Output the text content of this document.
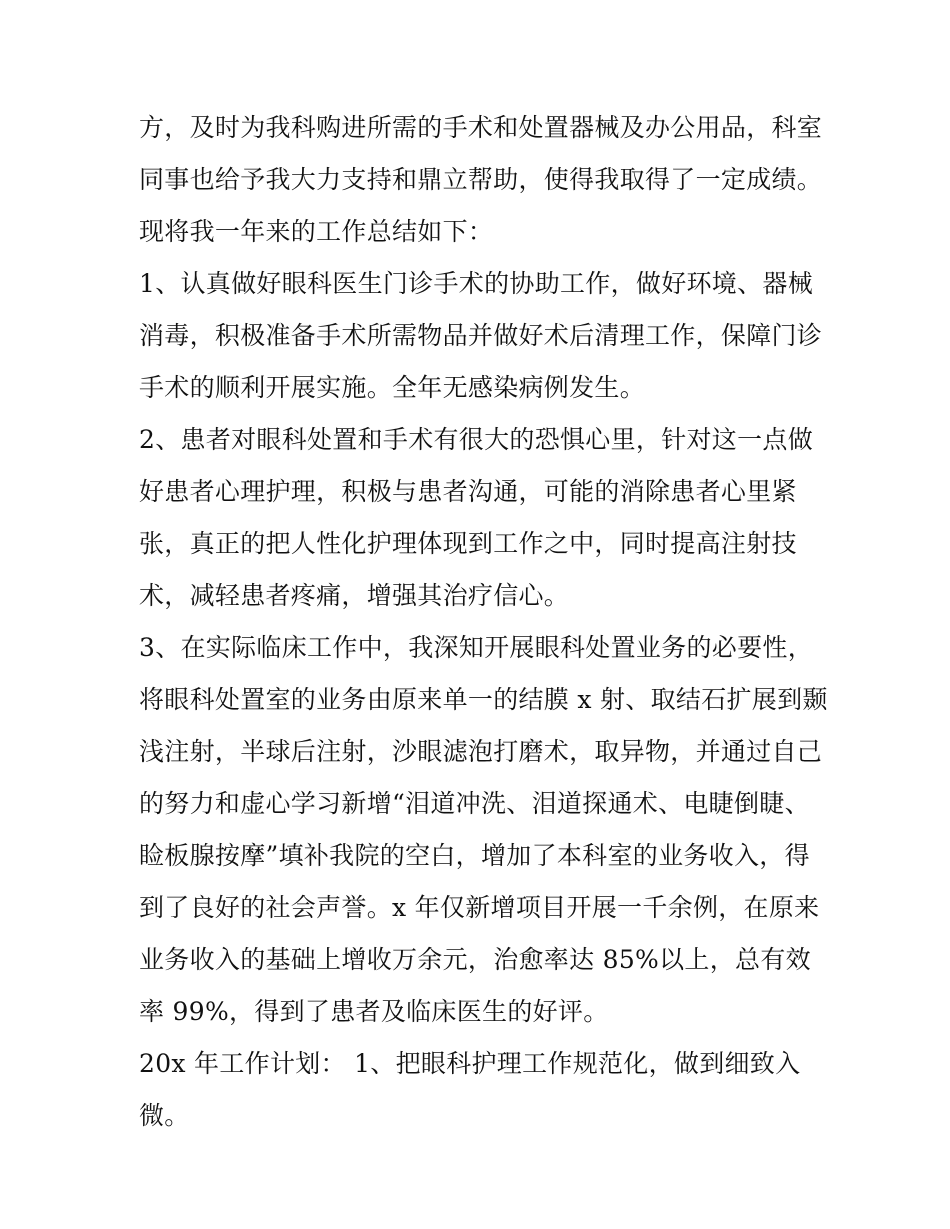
方，及时为我科购进所需的手术和处置器械及办公用品，科室
同事也给予我大力支持和鼎立帮助，使得我取得了一定成绩。
现将我一年来的工作总结如下：
1、认真做好眼科医生门诊手术的协助工作，做好环境、器械
消毒，积极准备手术所需物品并做好术后清理工作，保障门诊
手术的顺利开展实施。全年无感染病例发生。
2、患者对眼科处置和手术有很大的恐惧心里，针对这一点做
好患者心理护理，积极与患者沟通，可能的消除患者心里紧
张，真正的把人性化护理体现到工作之中，同时提高注射技
术，减轻患者疼痛，增强其治疗信心。
3、在实际临床工作中，我深知开展眼科处置业务的必要性，
将眼科处置室的业务由原来单一的结膜 x 射、取结石扩展到颞
浅注射，半球后注射，沙眼滤泡打磨术，取异物，并通过自己
的努力和虚心学习新增“泪道冲洗、泪道探通术、电睫倒睫、
睑板腺按摩”填补我院的空白，增加了本科室的业务收入，得
到了良好的社会声誉。x 年仅新增项目开展一千余例，在原来
业务收入的基础上增收万余元，治愈率达 85%以上，总有效
率 99%，得到了患者及临床医生的好评。
20x 年工作计划： 1、把眼科护理工作规范化，做到细致入
微。
